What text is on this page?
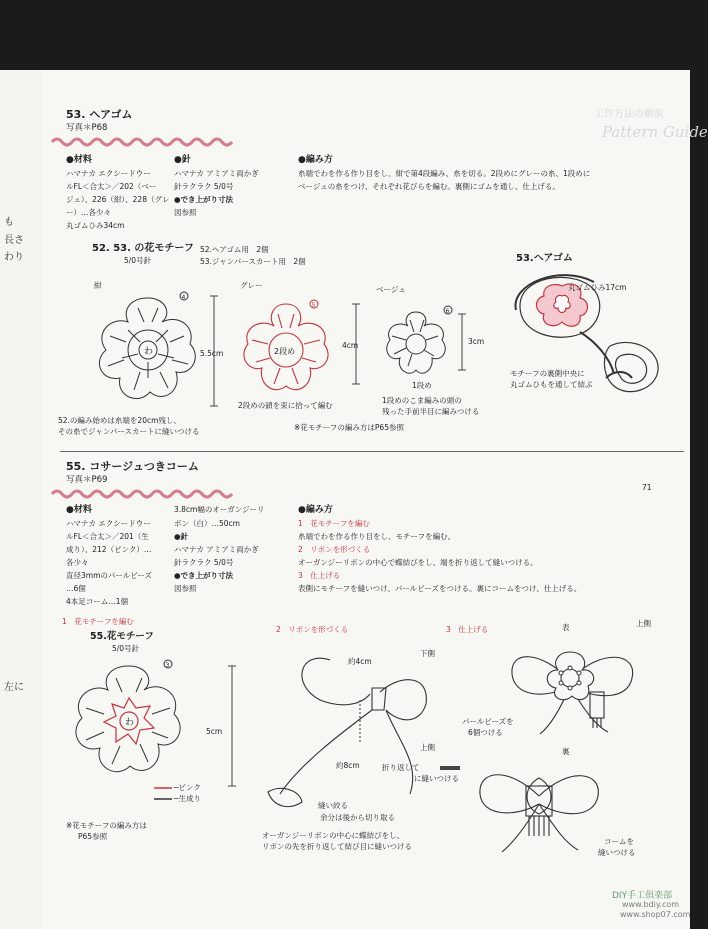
も
長さ
わり
左に
工作方法の解説
Pattern Guide
53. ヘアゴム
写真＊P68
●材料
ハマナカ エクシードウー
ルFL＜合太＞／202（ベー
ジュ）、226（紺）、228（グレ
ー）…各少々
丸ゴムひみ34cm
●針
ハマナカ アミアミ両かぎ
針ラクラク 5/0号
●でき上がり寸法
図参照
●編み方
糸端でわを作る作り目をし、紺で第4段編み、糸を切る。2段めにグレーの糸、1段めに
ベージュの糸をつけ、それぞれ花びらを編む。裏側にゴムを通し、仕上げる。
52. 53. の花モチーフ
5/0号針
52.ヘアゴム用　2個
53.ジャンパースカート用　2個
紺
わ
4
5.5cm
グレー
2段め
5
2段めの鎖を束に拾って編む
4cm
ベージュ
6
1段め
1段めのこま編みの頭の
残った手前半目に編みつける
3cm
52.の編み始めは糸端を20cm残し、
その糸でジャンパースカートに縫いつける	※花モチーフの編み方はP65参照
53.ヘアゴム
丸ゴムひみ17cm
モチーフの裏側中央に
丸ゴムひもを通して結ぶ
71
55. コサージュつきコーム
写真＊P69
●材料
ハマナカ エクシードウー
ルFL＜合太＞／201（生
成り）、212（ピンク）…
各少々
直径3mmのパールビーズ
…6個
4本足コーム…1個
3.8cm幅のオーガンジーリ
ボン（白）…50cm
●針
ハマナカ アミアミ両かぎ
針ラクラク 5/0号
●でき上がり寸法
図参照
●編み方
1　花モチーフを編む
糸端でわを作る作り目をし、モチーフを編む。
2　リボンを形づくる
オーガンジーリボンの中心で蝶結びをし、端を折り返して縫いつける。
3　仕上げる
表側にモチーフを縫いつけ、パールビーズをつける。裏にコームをつけ、仕上げる。
1　花モチーフを編む
55.花モチーフ
5/0号針
わ
3
5cm
─ピンク
─生成り
※花モチーフの編み方は
P65参照
2　リボンを形づくる
約4cm
下側
上側
約8cm	折り返して
に縫いつける
縫い絞る
余分は後から切り取る
オーガンジーリボンの中心に蝶結びをし、
リボンの先を折り返して結び目に縫いつける
3　仕上げる	表	上側
パールビーズを
6個つける
裏
コームを
縫いつける
DIY手工俱楽部
www.bdiy.com
www.shop07.com
